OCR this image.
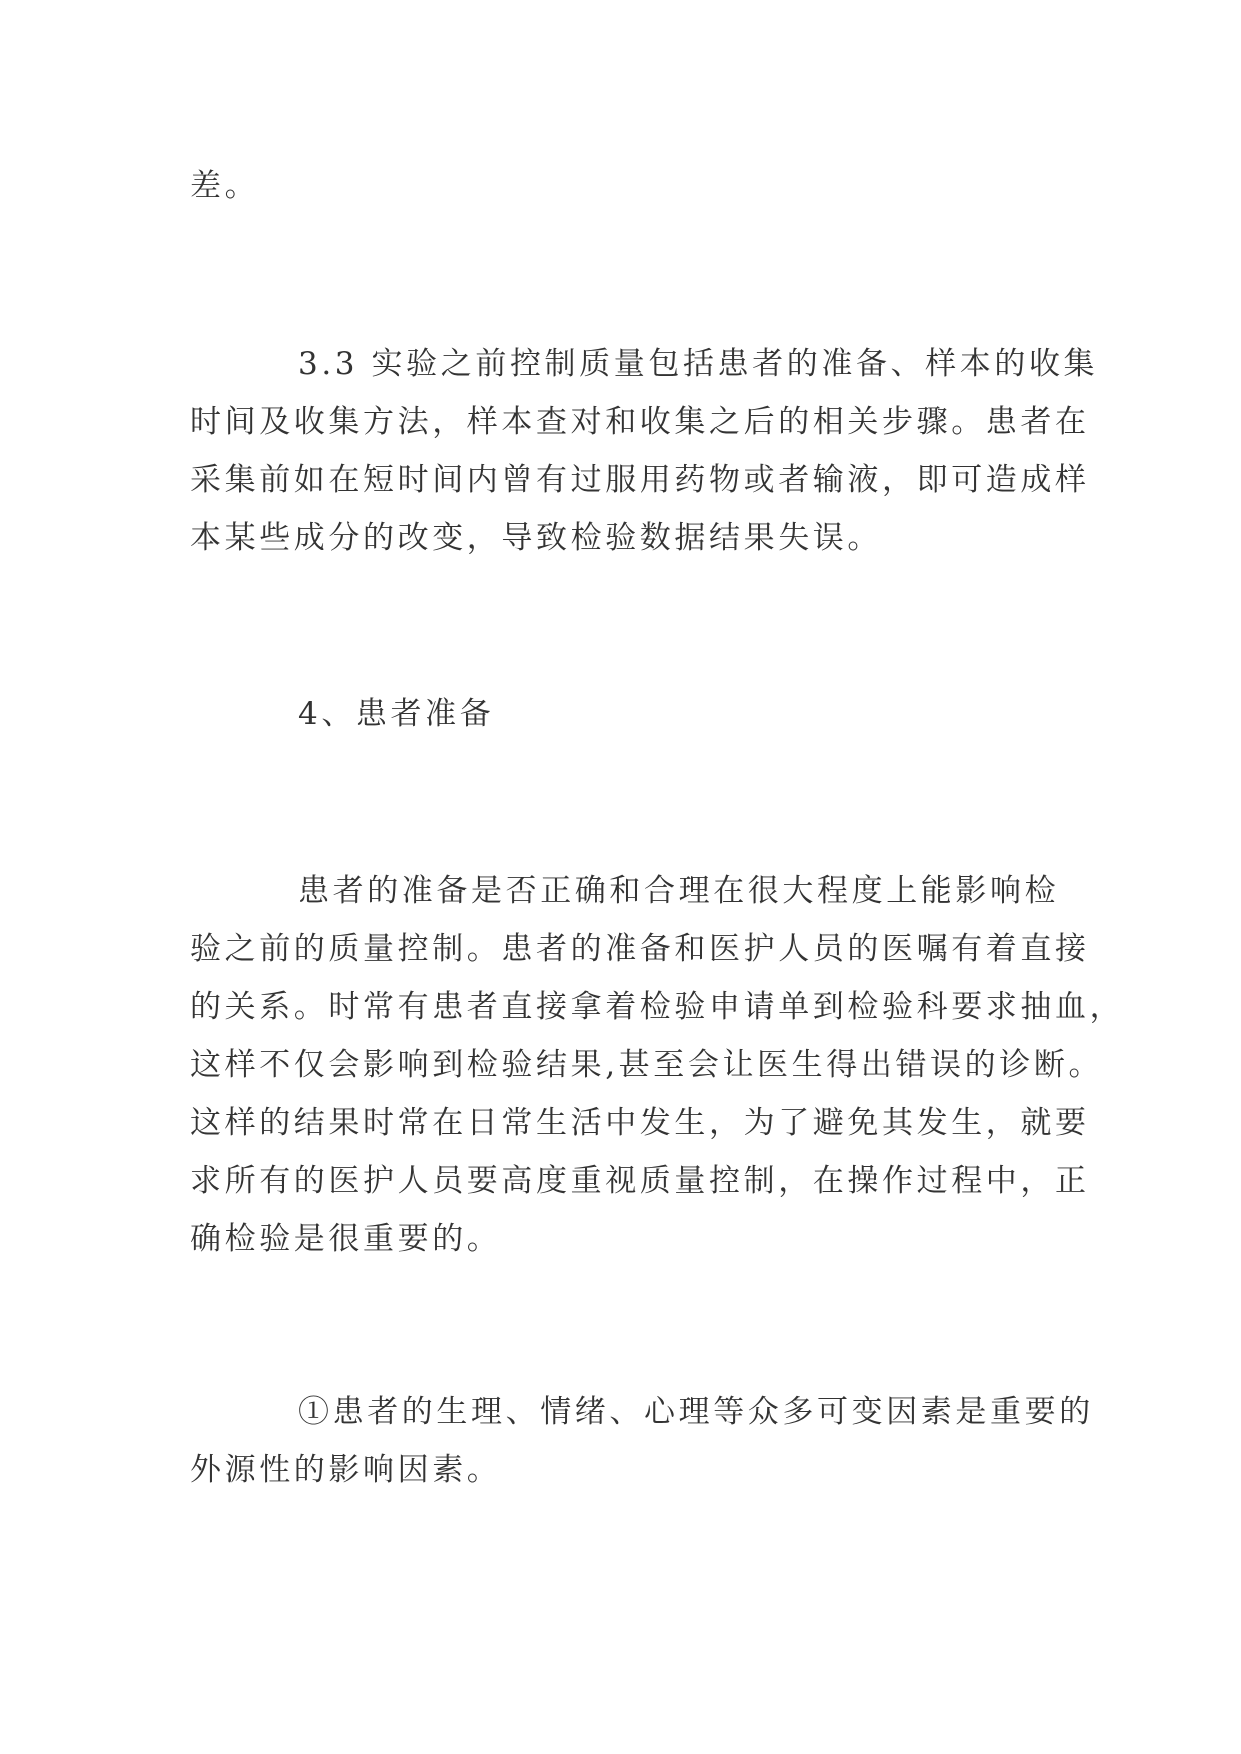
差。
3.3 实验之前控制质量包括患者的准备、样本的收集
时间及收集方法，样本查对和收集之后的相关步骤。患者在
采集前如在短时间内曾有过服用药物或者输液，即可造成样
本某些成分的改变，导致检验数据结果失误。
4、患者准备
患者的准备是否正确和合理在很大程度上能影响检
验之前的质量控制。患者的准备和医护人员的医嘱有着直接
的关系。时常有患者直接拿着检验申请单到检验科要求抽血，
这样不仅会影响到检验结果,甚至会让医生得出错误的诊断。
这样的结果时常在日常生活中发生，为了避免其发生，就要
求所有的医护人员要高度重视质量控制，在操作过程中，正
确检验是很重要的。
①患者的生理、情绪、心理等众多可变因素是重要的
外源性的影响因素。
